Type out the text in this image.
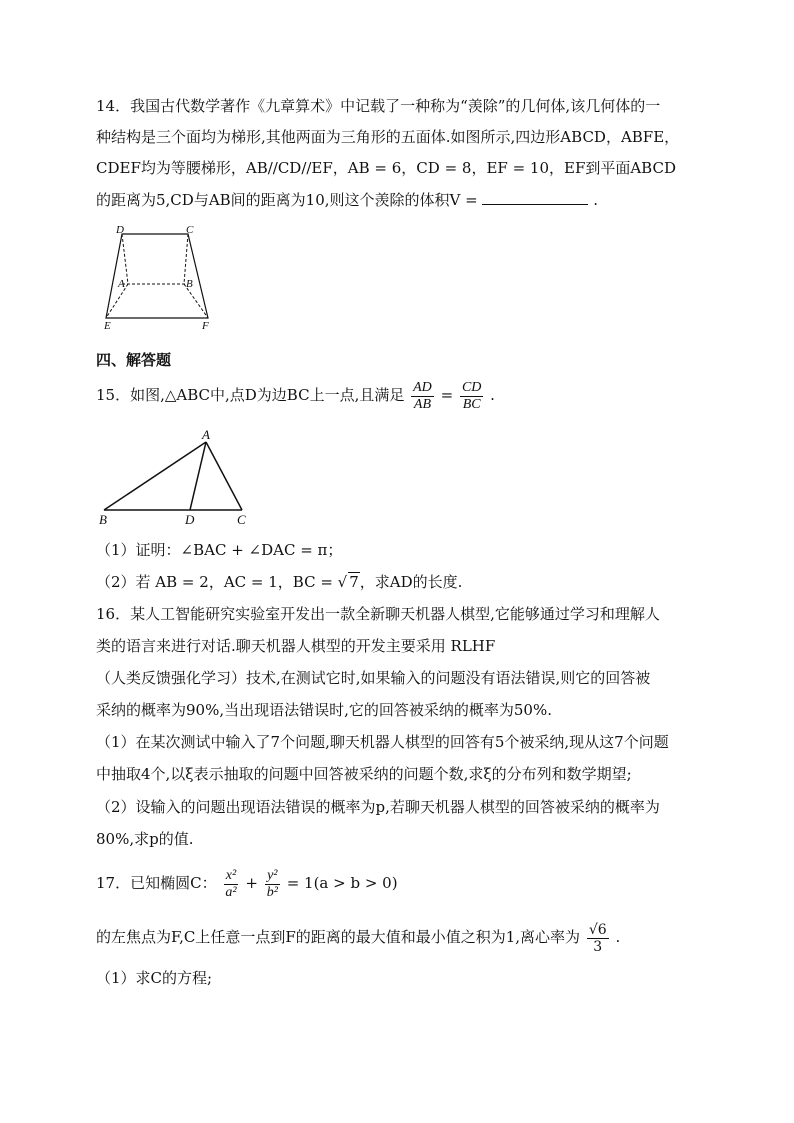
14．我国古代数学著作《九章算术》中记载了一种称为“羡除”的几何体,该几何体的一
种结构是三个面均为梯形,其他两面为三角形的五面体.如图所示,四边形ABCD，ABFE，
CDEF均为等腰梯形，AB//CD//EF，AB = 6，CD = 8，EF = 10，EF到平面ABCD
的距离为5,CD与AB间的距离为10,则这个羡除的体积V =	.
D	C
A	B
E	F
四、解答题
15．如图,△ABC中,点D为边BC上一点,且满足 $\frac{AD}{AB} = \frac{CD}{BC}$ .
A
B	D	C
（1）证明：∠BAC + ∠DAC = π；
（2）若 AB = 2，AC = 1，BC = √ 7，求AD的长度.
16．某人工智能研究实验室开发出一款全新聊天机器人棋型,它能够通过学习和理解人
类的语言来进行对话.聊天机器人棋型的开发主要采用 RLHF
（人类反馈强化学习）技术,在测试它时,如果输入的问题没有语法错误,则它的回答被
采纳的概率为90%,当出现语法错误时,它的回答被采纳的概率为50%.
（1）在某次测试中输入了7个问题,聊天机器人棋型的回答有5个被采纳,现从这7个问题
中抽取4个,以ξ表示抽取的问题中回答被采纳的问题个数,求ξ的分布列和数学期望;
（2）设输入的问题出现语法错误的概率为p,若聊天机器人棋型的回答被采纳的概率为
80%,求p的值.
17．已知椭圆C： $\frac{\text{x²}}{\text{a²}} + \frac{\text{y²}}{\text{b²}} = 1(a > b > 0)$
的左焦点为F,C上任意一点到F的距离的最大值和最小值之积为1,离心率为 $\frac{√6}{3}$ .
（1）求C的方程;
